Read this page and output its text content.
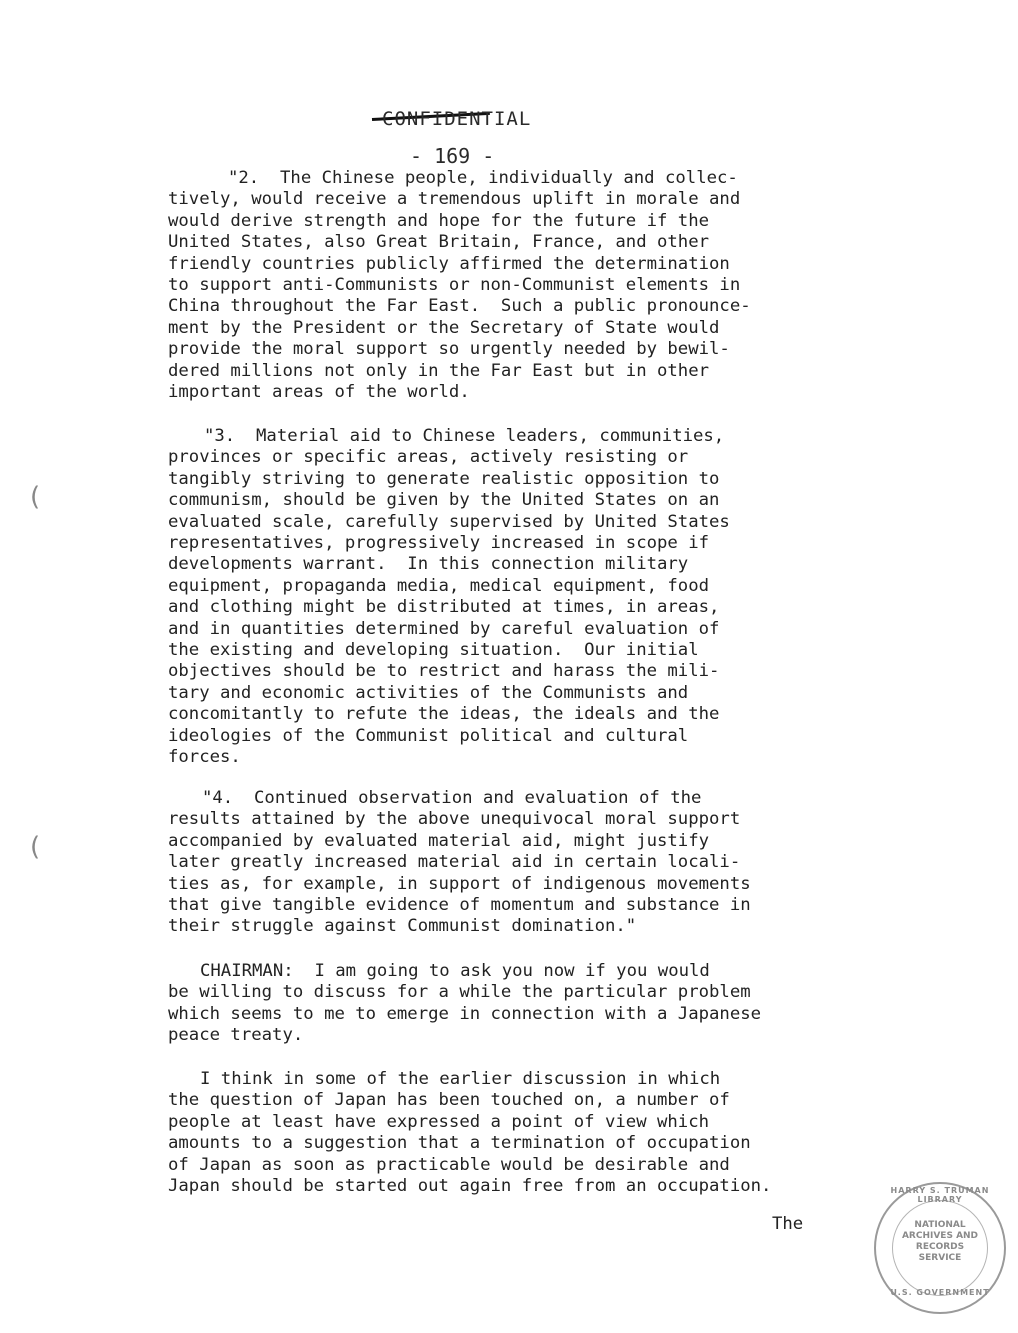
CONFIDENTIAL
- 169 -

"2.  The Chinese people, individually and collec-
tively, would receive a tremendous uplift in morale and
would derive strength and hope for the future if the
United States, also Great Britain, France, and other
friendly countries publicly affirmed the determination
to support anti-Communists or non-Communist elements in
China throughout the Far East.  Such a public pronounce-
ment by the President or the Secretary of State would
provide the moral support so urgently needed by bewil-
dered millions not only in the Far East but in other
important areas of the world.

"3.  Material aid to Chinese leaders, communities,
provinces or specific areas, actively resisting or
tangibly striving to generate realistic opposition to
communism, should be given by the United States on an
evaluated scale, carefully supervised by United States
representatives, progressively increased in scope if
developments warrant.  In this connection military
equipment, propaganda media, medical equipment, food
and clothing might be distributed at times, in areas,
and in quantities determined by careful evaluation of
the existing and developing situation.  Our initial
objectives should be to restrict and harass the mili-
tary and economic activities of the Communists and
concomitantly to refute the ideas, the ideals and the
ideologies of the Communist political and cultural
forces.

"4.  Continued observation and evaluation of the
results attained by the above unequivocal moral support
accompanied by evaluated material aid, might justify
later greatly increased material aid in certain locali-
ties as, for example, in support of indigenous movements
that give tangible evidence of momentum and substance in
their struggle against Communist domination."

CHAIRMAN:  I am going to ask you now if you would
be willing to discuss for a while the particular problem
which seems to me to emerge in connection with a Japanese
peace treaty.

I think in some of the earlier discussion in which
the question of Japan has been touched on, a number of
people at least have expressed a point of view which
amounts to a suggestion that a termination of occupation
of Japan as soon as practicable would be desirable and
Japan should be started out again free from an occupation.

The
(
(
HARRY S. TRUMAN LIBRARY
NATIONAL
ARCHIVES AND
RECORDS
SERVICE
U.S. GOVERNMENT
